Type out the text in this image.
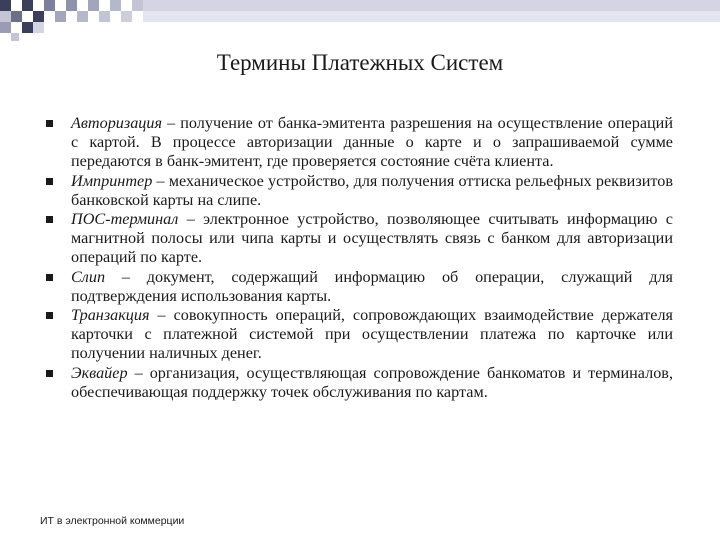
Термины Платежных Систем
Авторизация – получение от банка-эмитента разрешения на осуществление операций с картой. В процессе авторизации данные о карте и о запрашиваемой сумме передаются в банк-эмитент, где проверяется состояние счёта клиента.
Импринтер – механическое устройство, для получения оттиска рельефных реквизитов банковской карты на слипе.
ПОС-терминал – электронное устройство, позволяющее считывать информацию с магнитной полосы или чипа карты и осуществлять связь с банком для авторизации операций по карте.
Слип – документ, содержащий информацию об операции, служащий для подтверждения использования карты.
Транзакция – совокупность операций, сопровождающих взаимодействие держателя карточки с платежной системой при осуществлении платежа по карточке или получении наличных денег.
Эквайер – организация, осуществляющая сопровождение банкоматов и терминалов, обеспечивающая поддержку точек обслуживания по картам.

ИТ в электронной коммерции
